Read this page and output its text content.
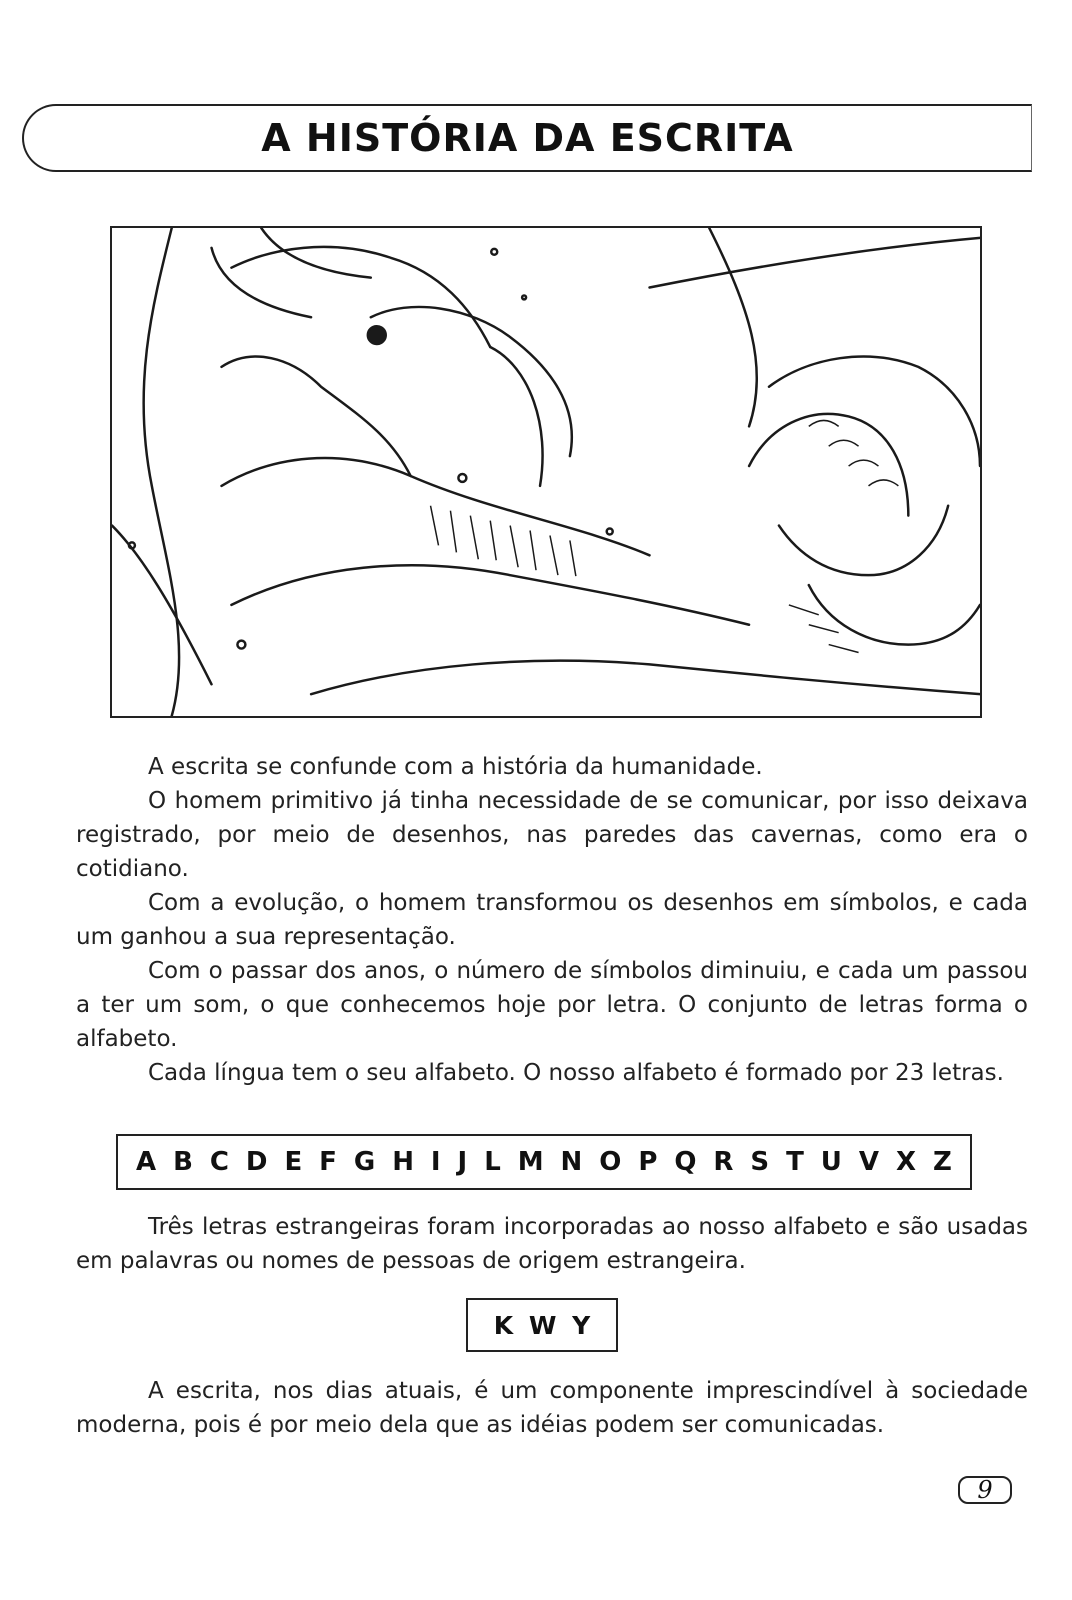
A HISTÓRIA DA ESCRITA

A escrita se confunde com a história da humanidade.

O homem primitivo já tinha necessidade de se comunicar, por isso deixava registrado, por meio de desenhos, nas paredes das cavernas, como era o cotidiano.

Com a evolução, o homem transformou os desenhos em símbolos, e cada um ganhou a sua representação.

Com o passar dos anos, o número de símbolos diminuiu, e cada um passou a ter um som, o que conhecemos hoje por letra. O conjunto de letras forma o alfabeto.

Cada língua tem o seu alfabeto. O nosso alfabeto é formado por 23 letras.

A B C D E F G H I J L M N O P Q R S T U V X Z

Três letras estrangeiras foram incorporadas ao nosso alfabeto e são usadas em palavras ou nomes de pessoas de origem estrangeira.

K W Y

A escrita, nos dias atuais, é um componente imprescindível à sociedade moderna, pois é por meio dela que as idéias podem ser comunicadas.

9
